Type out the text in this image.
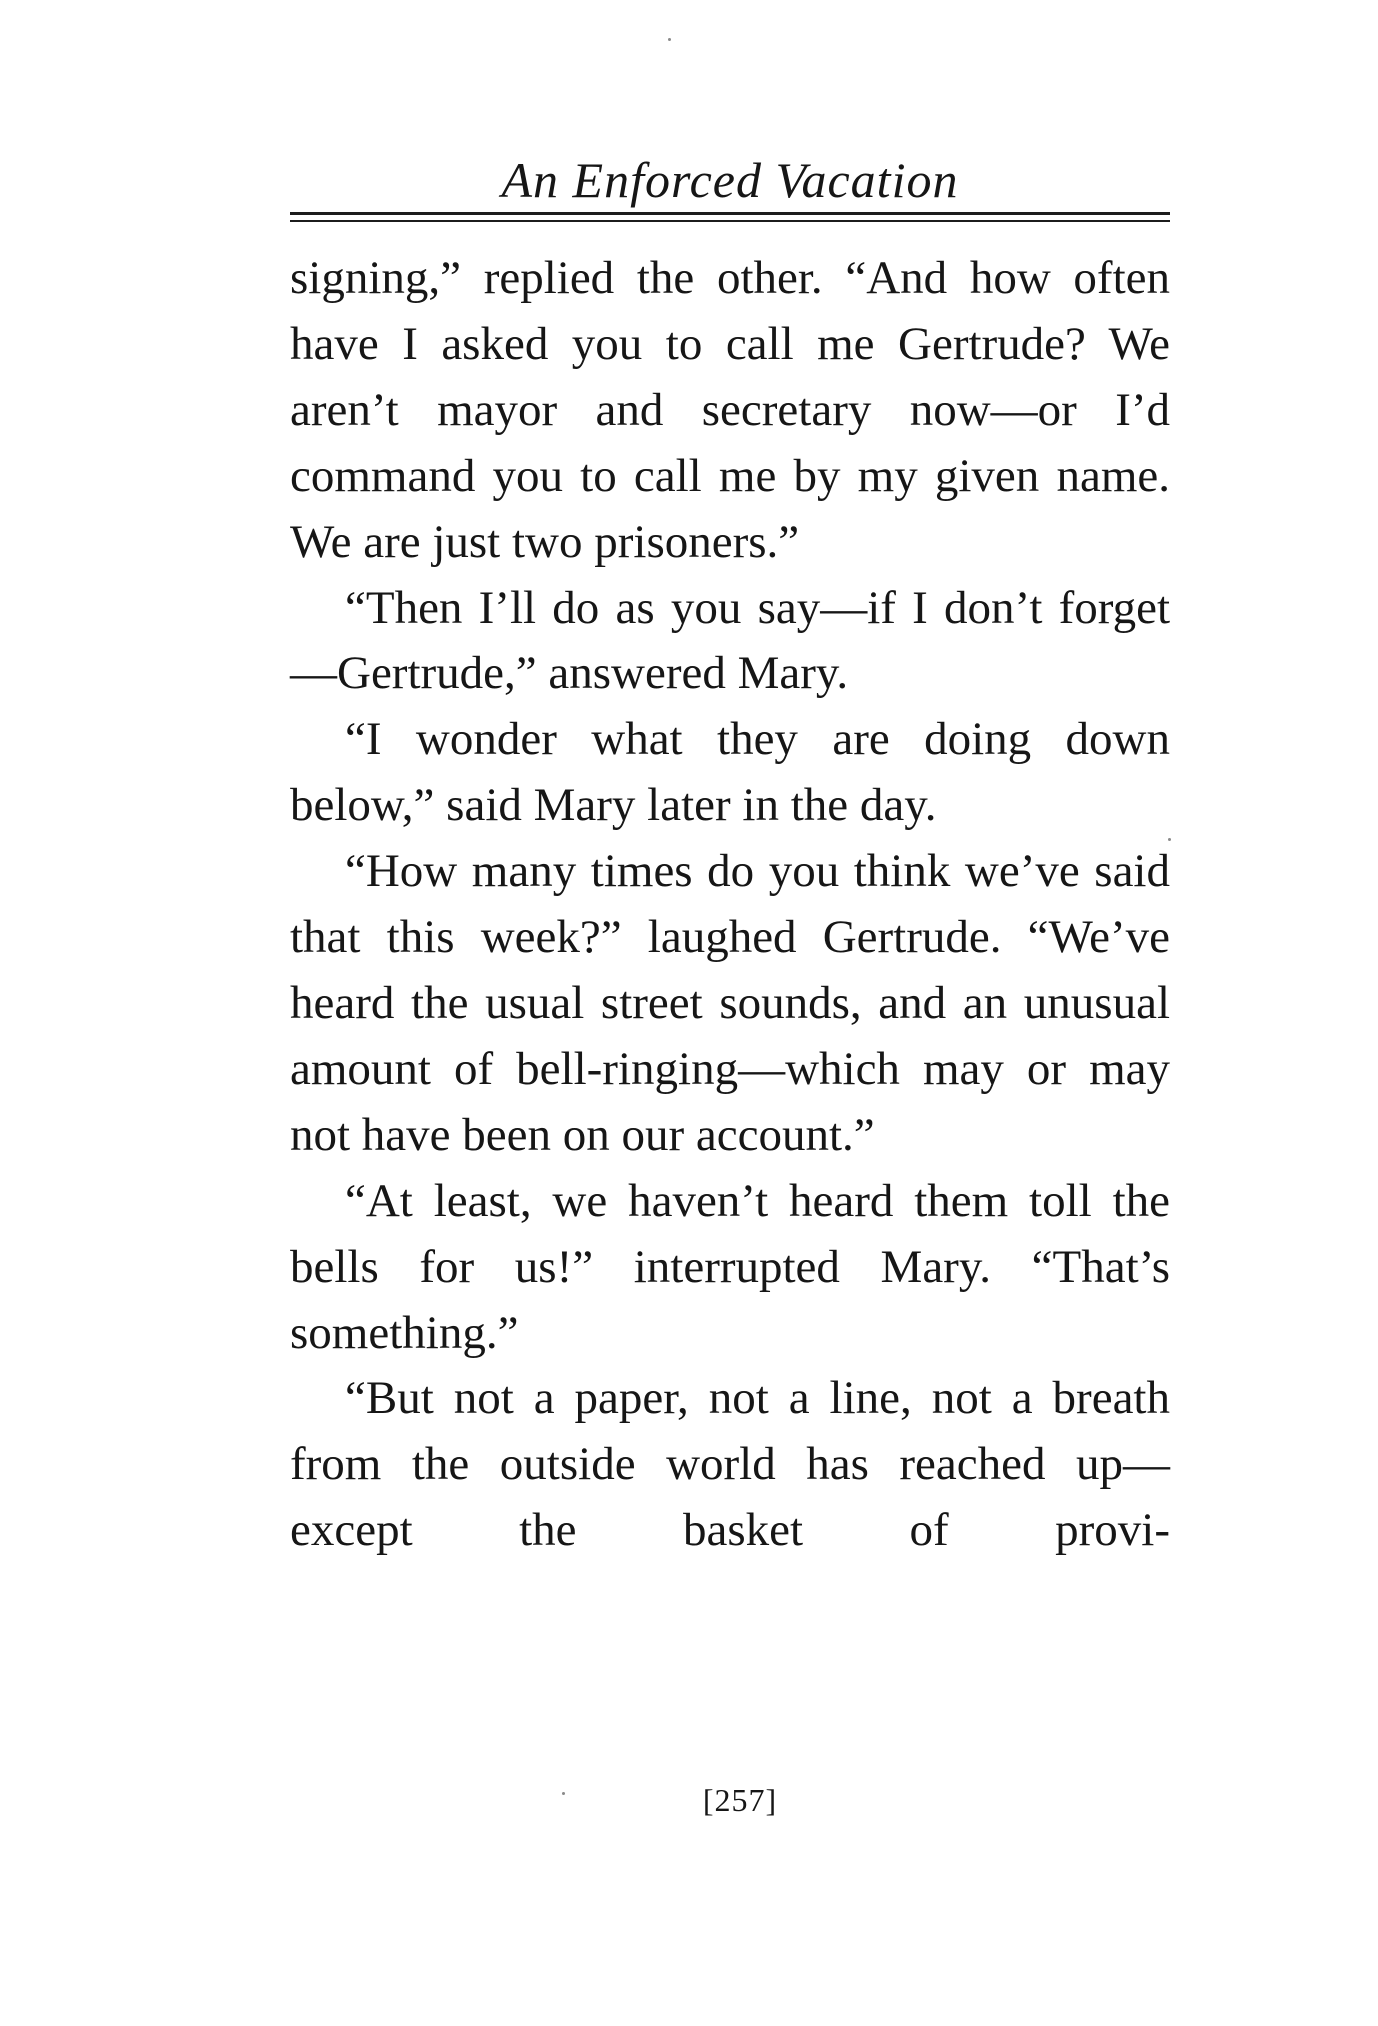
An Enforced Vacation

signing,” replied the other. “And how often have I asked you to call me Gertrude? We aren’t mayor and secretary now—or I’d command you to call me by my given name. We are just two prisoners.”

“Then I’ll do as you say—if I don’t forget—Gertrude,” answered Mary.

“I wonder what they are doing down below,” said Mary later in the day.

“How many times do you think we’ve said that this week?” laughed Gertrude. “We’ve heard the usual street sounds, and an unusual amount of bell-ringing—which may or may not have been on our account.”

“At least, we haven’t heard them toll the bells for us!” interrupted Mary. “That’s something.”

“But not a paper, not a line, not a breath from the outside world has reached up—except the basket of provi-

[257]
